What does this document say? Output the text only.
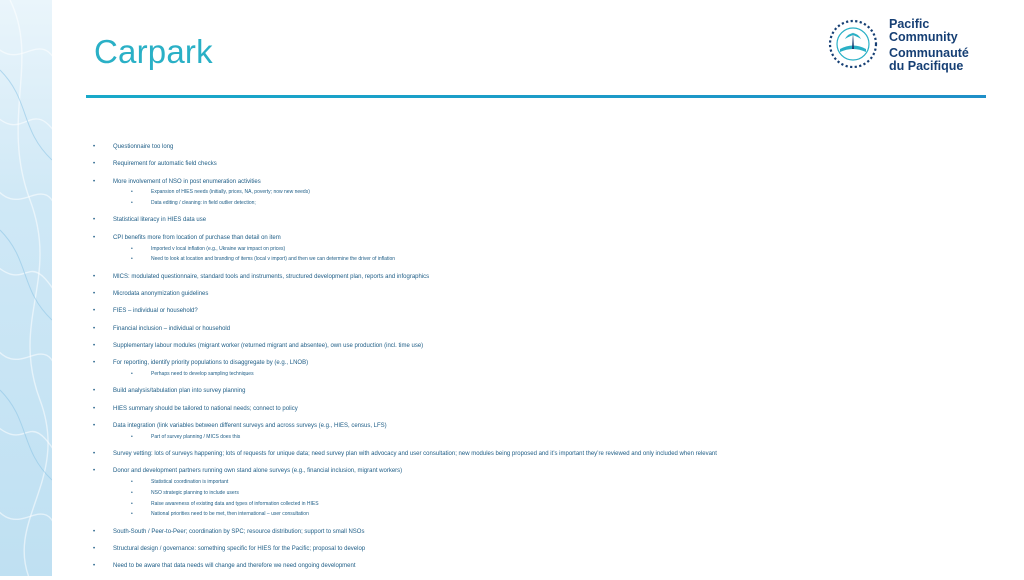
Carpark
Pacific
Community
Communauté
du Pacifique
• Questionnaire too long
• Requirement for automatic field checks
• More involvement of NSO in post enumeration activities
• Expansion of HIES needs (initially, prices, NA, poverty; now new needs)
• Data editing / cleaning: in field outlier detection;
• Statistical literacy in HIES data use
• CPI benefits more from location of purchase than detail on item
• Imported v local inflation (e.g., Ukraine war impact on prices)
• Need to look at location and branding of items (local v import) and then we can determine the driver of inflation
• MICS: modulated questionnaire, standard tools and instruments, structured development plan, reports and infographics
• Microdata anonymization guidelines
• FIES – individual or household?
• Financial inclusion – individual or household
• Supplementary labour modules (migrant worker (returned migrant and absentee), own use production (incl. time use)
• For reporting, identify priority populations to disaggregate by (e.g., LNOB)
• Perhaps need to develop sampling techniques
• Build analysis/tabulation plan into survey planning
• HIES summary should be tailored to national needs; connect to policy
• Data integration (link variables between different surveys and across surveys (e.g., HIES, census, LFS)
• Part of survey planning / MICS does this
• Survey vetting: lots of surveys happening; lots of requests for unique data; need survey plan with advocacy and user consultation; new modules being proposed and it’s important they’re reviewed and only included when relevant
• Donor and development partners running own stand alone surveys (e.g., financial inclusion, migrant workers)
• Statistical coordination is important
• NSO strategic planning to include users
• Raise awareness of existing data and types of information collected in HIES
• National priorities need to be met, then international – user consultation
• South-South / Peer-to-Peer; coordination by SPC; resource distribution; support to small NSOs
• Structural design / governance: something specific for HIES for the Pacific; proposal to develop
• Need to be aware that data needs will change and therefore we need ongoing development
